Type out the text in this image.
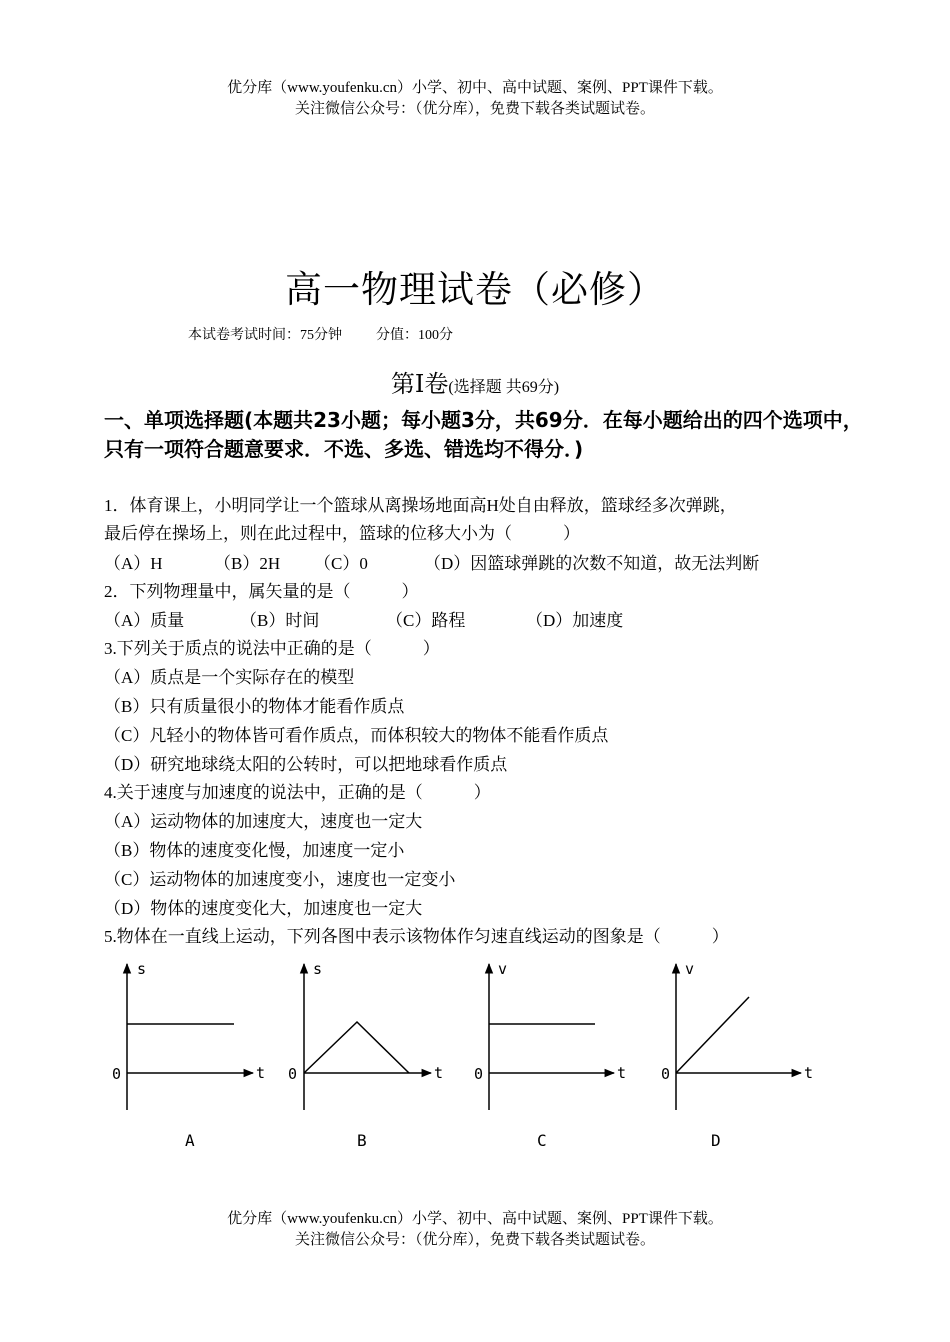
优分库（www.youfenku.cn）小学、初中、高中试题、案例、PPT课件下载。
关注微信公众号：（优分库），免费下载各类试题试卷。
高一物理试卷（必修）
本试卷考试时间：75分钟 分值：100分
第Ⅰ卷(选择题 共69分)
一、单项选择题(本题共23小题；每小题3分，共69分．在每小题给出的四个选项中，只有一项符合题意要求．不选、多选、错选均不得分．)
1．体育课上，小明同学让一个篮球从离操场地面高H处自由释放，篮球经多次弹跳，
最后停在操场上，则在此过程中，篮球的位移大小为（　　　）
（A）H	（B）2H （C）0	（D）因篮球弹跳的次数不知道，故无法判断
2．下列物理量中，属矢量的是（　　　）
（A）质量	（B）时间	（C）路程	（D）加速度
3.下列关于质点的说法中正确的是（　　　）
（A）质点是一个实际存在的模型
（B）只有质量很小的物体才能看作质点
（C）凡轻小的物体皆可看作质点，而体积较大的物体不能看作质点
（D）研究地球绕太阳的公转时，可以把地球看作质点
4.关于速度与加速度的说法中，正确的是（　　　）
（A）运动物体的加速度大，速度也一定大
（B）物体的速度变化慢，加速度一定小
（C）运动物体的加速度变小，速度也一定变小
（D）物体的速度变化大，加速度也一定大
5.物体在一直线上运动，下列各图中表示该物体作匀速直线运动的图象是（　　　）
s
t
0
A
s
t
0
B
v
t
0
C
v
t
0
D
优分库（www.youfenku.cn）小学、初中、高中试题、案例、PPT课件下载。
关注微信公众号：（优分库），免费下载各类试题试卷。
